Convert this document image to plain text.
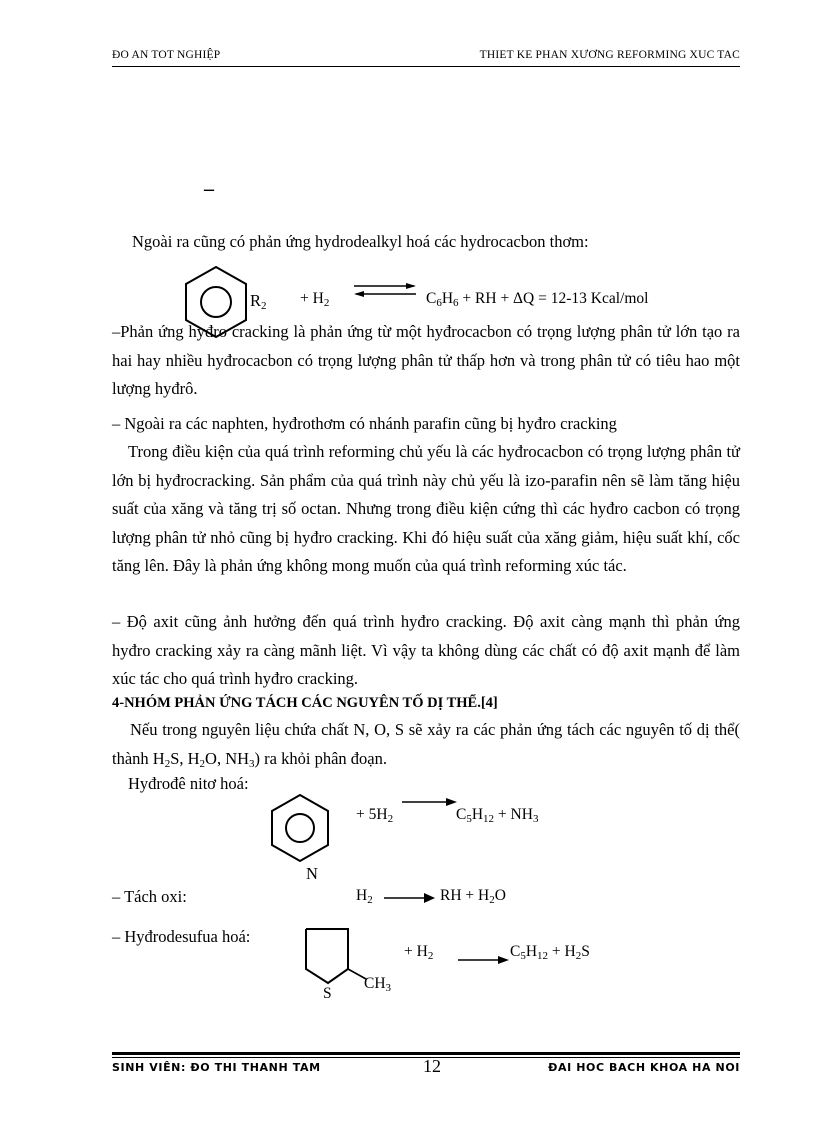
ĐO AN TOT NGHIỆP	THIET KE PHAN XƯƠNG REFORMING XUC TAC
–
Ngoài ra cũng có phản ứng hydrodealkyl hoá các hydrocacbon thơm:
$R_2 + H_2$	$C_6H_6$ + RH + ΔQ = 12-13 Kcal/mol
–Phản ứng hyđro cracking là phản ứng từ một hyđrocacbon có trọng lượng phân tử lớn tạo ra hai hay nhiều hyđrocacbon có trọng lượng phân tử thấp hơn và trong phân tử có tiêu hao một lượng hyđrô.
– Ngoài ra các naphten, hyđrothơm có nhánh parafin cũng bị hyđro cracking
Trong điều kiện của quá trình reforming chủ yếu là các hyđrocacbon có trọng lượng phân tử lớn bị hyđrocracking. Sản phẩm của quá trình này chủ yếu là izo-parafin nên sẽ làm tăng hiệu suất của xăng và tăng trị số octan. Nhưng trong điều kiện cứng thì các hyđro cacbon có trọng lượng phân tử nhỏ cũng bị hyđro cracking. Khi đó hiệu suất của xăng giảm, hiệu suất khí, cốc tăng lên. Đây là phản ứng không mong muốn của quá trình reforming xúc tác.
– Độ axit cũng ảnh hưởng đến quá trình hyđro cracking. Độ axit càng mạnh thì phản ứng hyđro cracking xảy ra càng mãnh liệt. Vì vậy ta không dùng các chất có độ axit mạnh để làm xúc tác cho quá trình hyđro cracking.
4-NHÓM PHẢN ỨNG TÁCH CÁC NGUYÊN TỐ DỊ THỂ.[4]
Nếu trong nguyên liệu chứa chất N, O, S sẽ xảy ra các phản ứng tách các nguyên tố dị thể( thành $H_2S$, $H_2O$, $NH_3$) ra khỏi phân đoạn.
Hyđrođê nitơ hoá:
N
+ $5H_2$	$C_5H_{12} + NH_3$
– Tách oxi:	$H_2$	RH + $H_2O$
– Hyđrodesufua hoá:
S
$CH_3$
+ $H_2$	$C_5H_{12} + H_2S$
SINH VIÊN: ĐO THI THANH TAM	12	ĐAI HOC BACH KHOA HA NOI
